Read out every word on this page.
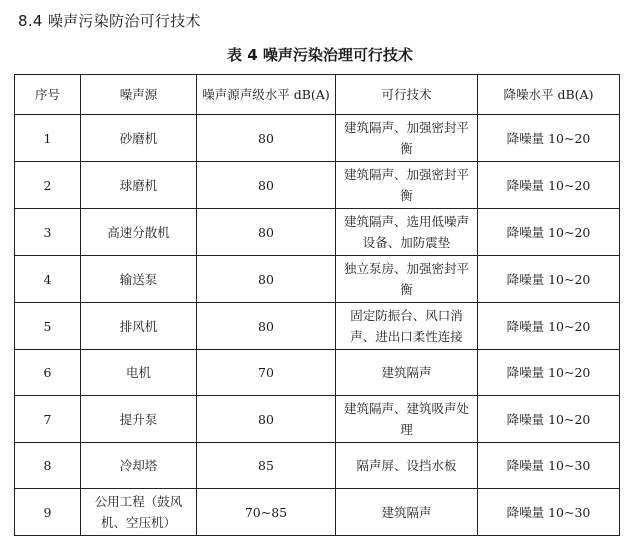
8.4 噪声污染防治可行技术
表 4 噪声污染治理可行技术
序号	噪声源	噪声源声级水平 dB(A)	可行技术	降噪水平 dB(A)
1	砂磨机	80	建筑隔声、加强密封平衡	降噪量 10~20
2	球磨机	80	建筑隔声、加强密封平衡	降噪量 10~20
3	高速分散机	80	建筑隔声、选用低噪声设备、加防震垫	降噪量 10~20
4	输送泵	80	独立泵房、加强密封平衡	降噪量 10~20
5	排风机	80	固定防振台、风口消声、进出口柔性连接	降噪量 10~20
6	电机	70	建筑隔声	降噪量 10~20
7	提升泵	80	建筑隔声、建筑吸声处理	降噪量 10~20
8	冷却塔	85	隔声屏、设挡水板	降噪量 10~30
9	公用工程（鼓风机、空压机）	70~85	建筑隔声	降噪量 10~30
